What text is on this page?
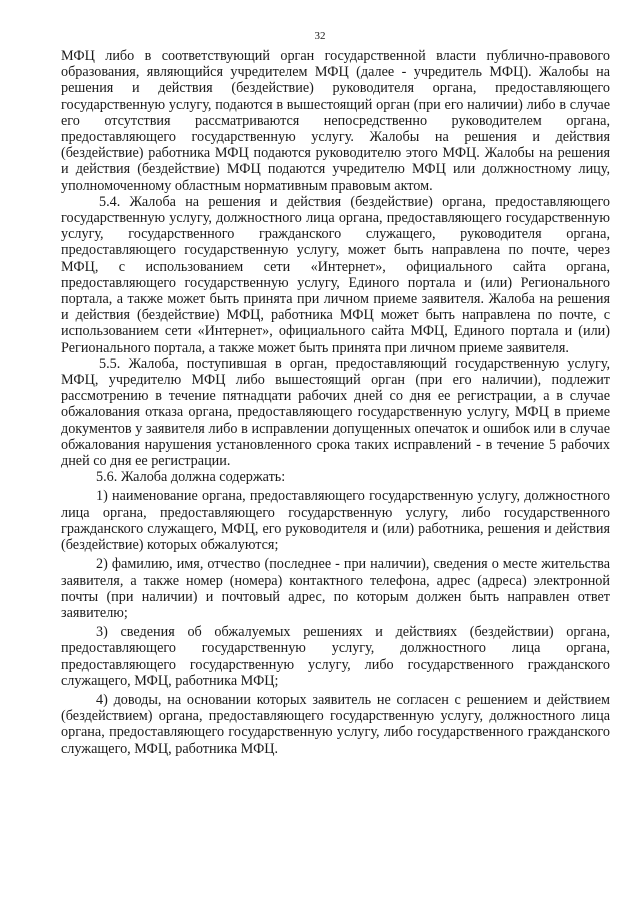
32

МФЦ либо в соответствующий орган государственной власти публично-правового образования, являющийся учредителем МФЦ (далее - учредитель МФЦ). Жалобы на решения и действия (бездействие) руководителя органа, предоставляющего государственную услугу, подаются в вышестоящий орган (при его наличии) либо в случае его отсутствия рассматриваются непосредственно руководителем органа, предоставляющего государственную услугу. Жалобы на решения и действия (бездействие) работника МФЦ подаются руководителю этого МФЦ. Жалобы на решения и действия (бездействие) МФЦ подаются учредителю МФЦ или должностному лицу, уполномоченному областным нормативным правовым актом.

5.4. Жалоба на решения и действия (бездействие) органа, предоставляющего государственную услугу, должностного лица органа, предоставляющего государственную услугу, государственного гражданского служащего, руководителя органа, предоставляющего государственную услугу, может быть направлена по почте, через МФЦ, с использованием сети «Интернет», официального сайта органа, предоставляющего государственную услугу, Единого портала и (или) Регионального портала, а также может быть принята при личном приеме заявителя. Жалоба на решения и действия (бездействие) МФЦ, работника МФЦ может быть направлена по почте, с использованием сети «Интернет», официального сайта МФЦ, Единого портала и (или) Регионального портала, а также может быть принята при личном приеме заявителя.

5.5. Жалоба, поступившая в орган, предоставляющий государственную услугу, МФЦ, учредителю МФЦ либо вышестоящий орган (при его наличии), подлежит рассмотрению в течение пятнадцати рабочих дней со дня ее регистрации, а в случае обжалования отказа органа, предоставляющего государственную услугу, МФЦ в приеме документов у заявителя либо в исправлении допущенных опечаток и ошибок или в случае обжалования нарушения установленного срока таких исправлений - в течение 5 рабочих дней со дня ее регистрации.

5.6. Жалоба должна содержать:

1) наименование органа, предоставляющего государственную услугу, должностного лица органа, предоставляющего государственную услугу, либо государственного гражданского служащего, МФЦ, его руководителя и (или) работника, решения и действия (бездействие) которых обжалуются;

2) фамилию, имя, отчество (последнее - при наличии), сведения о месте жительства заявителя, а также номер (номера) контактного телефона, адрес (адреса) электронной почты (при наличии) и почтовый адрес, по которым должен быть направлен ответ заявителю;

3) сведения об обжалуемых решениях и действиях (бездействии) органа, предоставляющего государственную услугу, должностного лица органа, предоставляющего государственную услугу, либо государственного гражданского служащего, МФЦ, работника МФЦ;

4) доводы, на основании которых заявитель не согласен с решением и действием (бездействием) органа, предоставляющего государственную услугу, должностного лица органа, предоставляющего государственную услугу, либо государственного гражданского служащего, МФЦ, работника МФЦ.
